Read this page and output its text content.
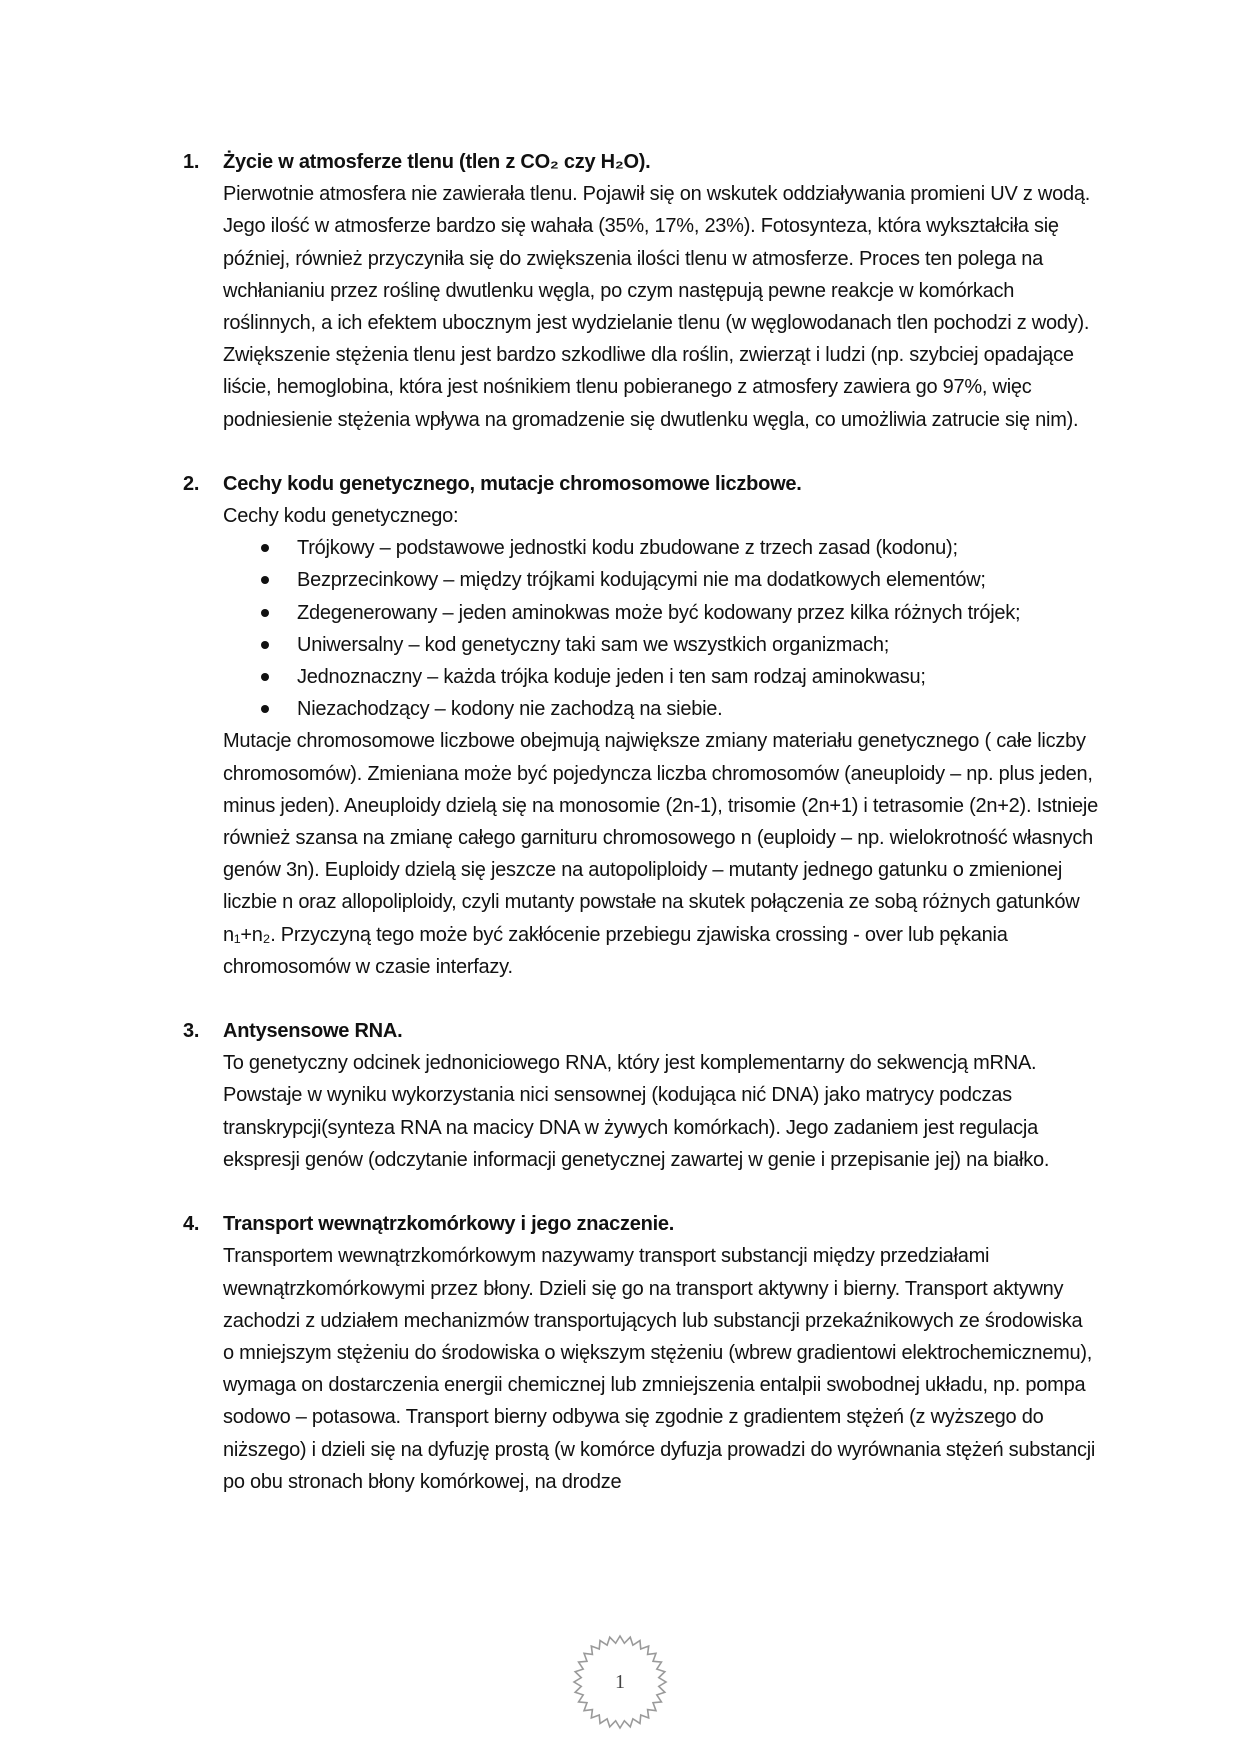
1. Życie w atmosferze tlenu (tlen z CO₂ czy H₂O).

Pierwotnie atmosfera nie zawierała tlenu. Pojawił się on wskutek oddziaływania promieni UV z wodą. Jego ilość w atmosferze bardzo się wahała (35%, 17%, 23%). Fotosynteza, która wykształciła się później, również przyczyniła się do zwiększenia ilości tlenu w atmosferze. Proces ten polega na wchłanianiu przez roślinę dwutlenku węgla, po czym następują pewne reakcje w komórkach roślinnych, a ich efektem ubocznym jest wydzielanie tlenu (w węglowodanach tlen pochodzi z wody). Zwiększenie stężenia tlenu jest bardzo szkodliwe dla roślin, zwierząt i ludzi (np. szybciej opadające liście, hemoglobina, która jest nośnikiem tlenu pobieranego z atmosfery zawiera go 97%, więc podniesienie stężenia wpływa na gromadzenie się dwutlenku węgla, co umożliwia zatrucie się nim).

2. Cechy kodu genetycznego, mutacje chromosomowe liczbowe.

Cechy kodu genetycznego:

Trójkowy – podstawowe jednostki kodu zbudowane z trzech zasad (kodonu);
Bezprzecinkowy – między trójkami kodującymi nie ma dodatkowych elementów;
Zdegenerowany – jeden aminokwas może być kodowany przez kilka różnych trójek;
Uniwersalny – kod genetyczny taki sam we wszystkich organizmach;
Jednoznaczny – każda trójka koduje jeden i ten sam rodzaj aminokwasu;
Niezachodzący – kodony nie zachodzą na siebie.

Mutacje chromosomowe liczbowe obejmują największe zmiany materiału genetycznego ( całe liczby chromosomów). Zmieniana może być pojedyncza liczba chromosomów (aneuploidy – np. plus jeden, minus jeden). Aneuploidy dzielą się na monosomie (2n-1), trisomie (2n+1) i tetrasomie (2n+2). Istnieje również szansa na zmianę całego garnituru chromosowego n (euploidy – np. wielokrotność własnych genów 3n). Euploidy dzielą się jeszcze na autopoliploidy – mutanty jednego gatunku o zmienionej liczbie n oraz allopoliploidy, czyli mutanty powstałe na skutek połączenia ze sobą różnych gatunków n₁+n₂. Przyczyną tego może być zakłócenie przebiegu zjawiska crossing - over lub pękania chromosomów w czasie interfazy.

3. Antysensowe RNA.

To genetyczny odcinek jednoniciowego RNA, który jest komplementarny do sekwencją mRNA. Powstaje w wyniku wykorzystania nici sensownej (kodująca nić DNA) jako matrycy podczas transkrypcji(synteza RNA na macicy DNA w żywych komórkach). Jego zadaniem jest regulacja ekspresji genów (odczytanie informacji genetycznej zawartej w genie i przepisanie jej) na białko.

4. Transport wewnątrzkomórkowy i jego znaczenie.

Transportem wewnątrzkomórkowym nazywamy transport substancji między przedziałami wewnątrzkomórkowymi przez błony. Dzieli się go na transport aktywny i bierny. Transport aktywny zachodzi z udziałem mechanizmów transportujących lub substancji przekaźnikowych ze środowiska o mniejszym stężeniu do środowiska o większym stężeniu (wbrew gradientowi elektrochemicznemu), wymaga on dostarczenia energii chemicznej lub zmniejszenia entalpii swobodnej układu, np. pompa sodowo – potasowa. Transport bierny odbywa się zgodnie z gradientem stężeń (z wyższego do niższego) i dzieli się na dyfuzję prostą (w komórce dyfuzja prowadzi do wyrównania stężeń substancji po obu stronach błony komórkowej, na drodze

1
